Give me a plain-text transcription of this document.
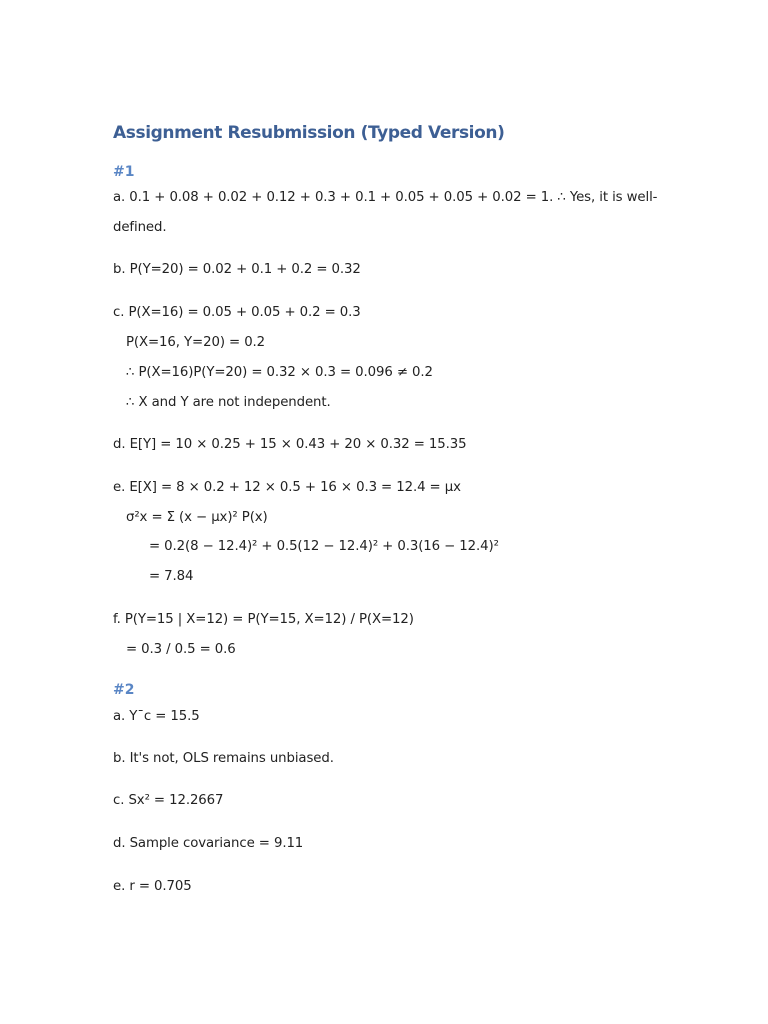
Assignment Resubmission (Typed Version)
#1
a. 0.1 + 0.08 + 0.02 + 0.12 + 0.3 + 0.1 + 0.05 + 0.05 + 0.02 = 1. ∴ Yes, it is well-
defined.
b. P(Y=20) = 0.02 + 0.1 + 0.2 = 0.32
c. P(X=16) = 0.05 + 0.05 + 0.2 = 0.3
P(X=16, Y=20) = 0.2
∴ P(X=16)P(Y=20) = 0.32 × 0.3 = 0.096 ≠ 0.2
∴ X and Y are not independent.
d. E[Y] = 10 × 0.25 + 15 × 0.43 + 20 × 0.32 = 15.35
e. E[X] = 8 × 0.2 + 12 × 0.5 + 16 × 0.3 = 12.4 = μx
σ²x = Σ (x − μx)² P(x)
= 0.2(8 − 12.4)² + 0.5(12 − 12.4)² + 0.3(16 − 12.4)²
= 7.84
f. P(Y=15 | X=12) = P(Y=15, X=12) / P(X=12)
= 0.3 / 0.5 = 0.6
#2
a. Y¯c = 15.5
b. It's not, OLS remains unbiased.
c. Sx² = 12.2667
d. Sample covariance = 9.11
e. r = 0.705
